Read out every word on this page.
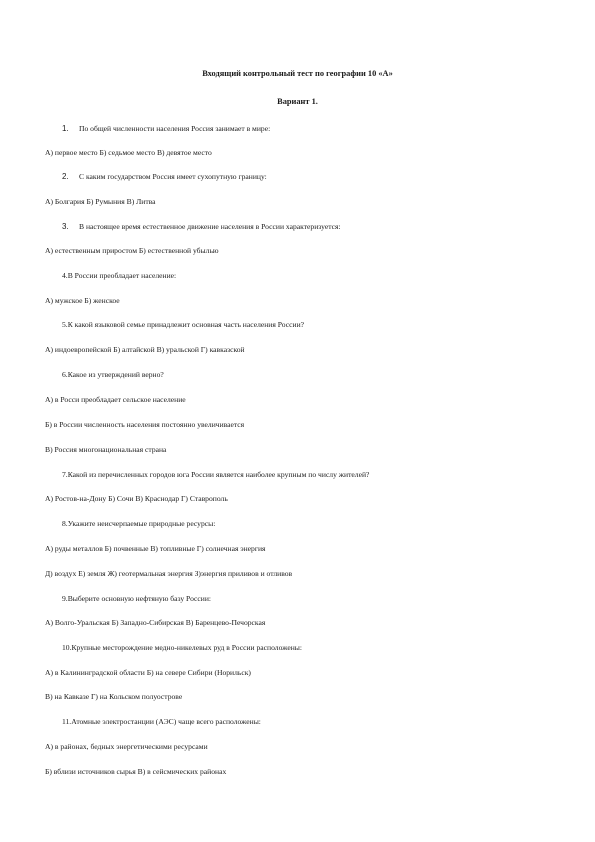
Входящий контрольный тест по географии 10 «А»
Вариант 1.
1. По общей численности населения Россия занимает в мире:
А) первое место Б) седьмое место В) девятое место
2. С каким государством Россия имеет сухопутную границу:
А) Болгария Б) Румыния В) Литва
3. В настоящее время естественное движение населения в России характеризуется:
А) естественным приростом Б) естественной убылью
4.В России преобладает население:
А) мужское Б) женское
5.К какой языковой семье принадлежит основная часть населения России?
А) индоевропейской Б) алтайской В) уральской Г) кавказской
6.Какое из утверждений верно?
А) в Росси преобладает сельское население
Б) в России численность населения постоянно увеличивается
В) Россия многонациональная страна
7.Какой из перечисленных городов юга России является наиболее крупным по числу жителей?
А) Ростов-на-Дону Б) Сочи В) Краснодар Г) Ставрополь
8.Укажите неисчерпаемые природные ресурсы:
А) руды металлов Б) почвенные В) топливные Г) солнечная энергия
Д) воздух Е) земля Ж) геотермальная энергия З)энергия приливов и отливов
9.Выберите основную нефтяную базу России:
А) Волго-Уральская Б) Западно-Сибирская В) Баренцево-Печорская
10.Крупные месторождение медно-никелевых руд в России расположены:
А) в Калининградской области Б) на севере Сибири (Норильск)
В) на Кавказе Г) на Кольском полуострове
11.Атомные электростанции (АЭС) чаще всего расположены:
А) в районах, бедных энергетическими ресурсами
Б) вблизи источников сырья В) в сейсмических районах
